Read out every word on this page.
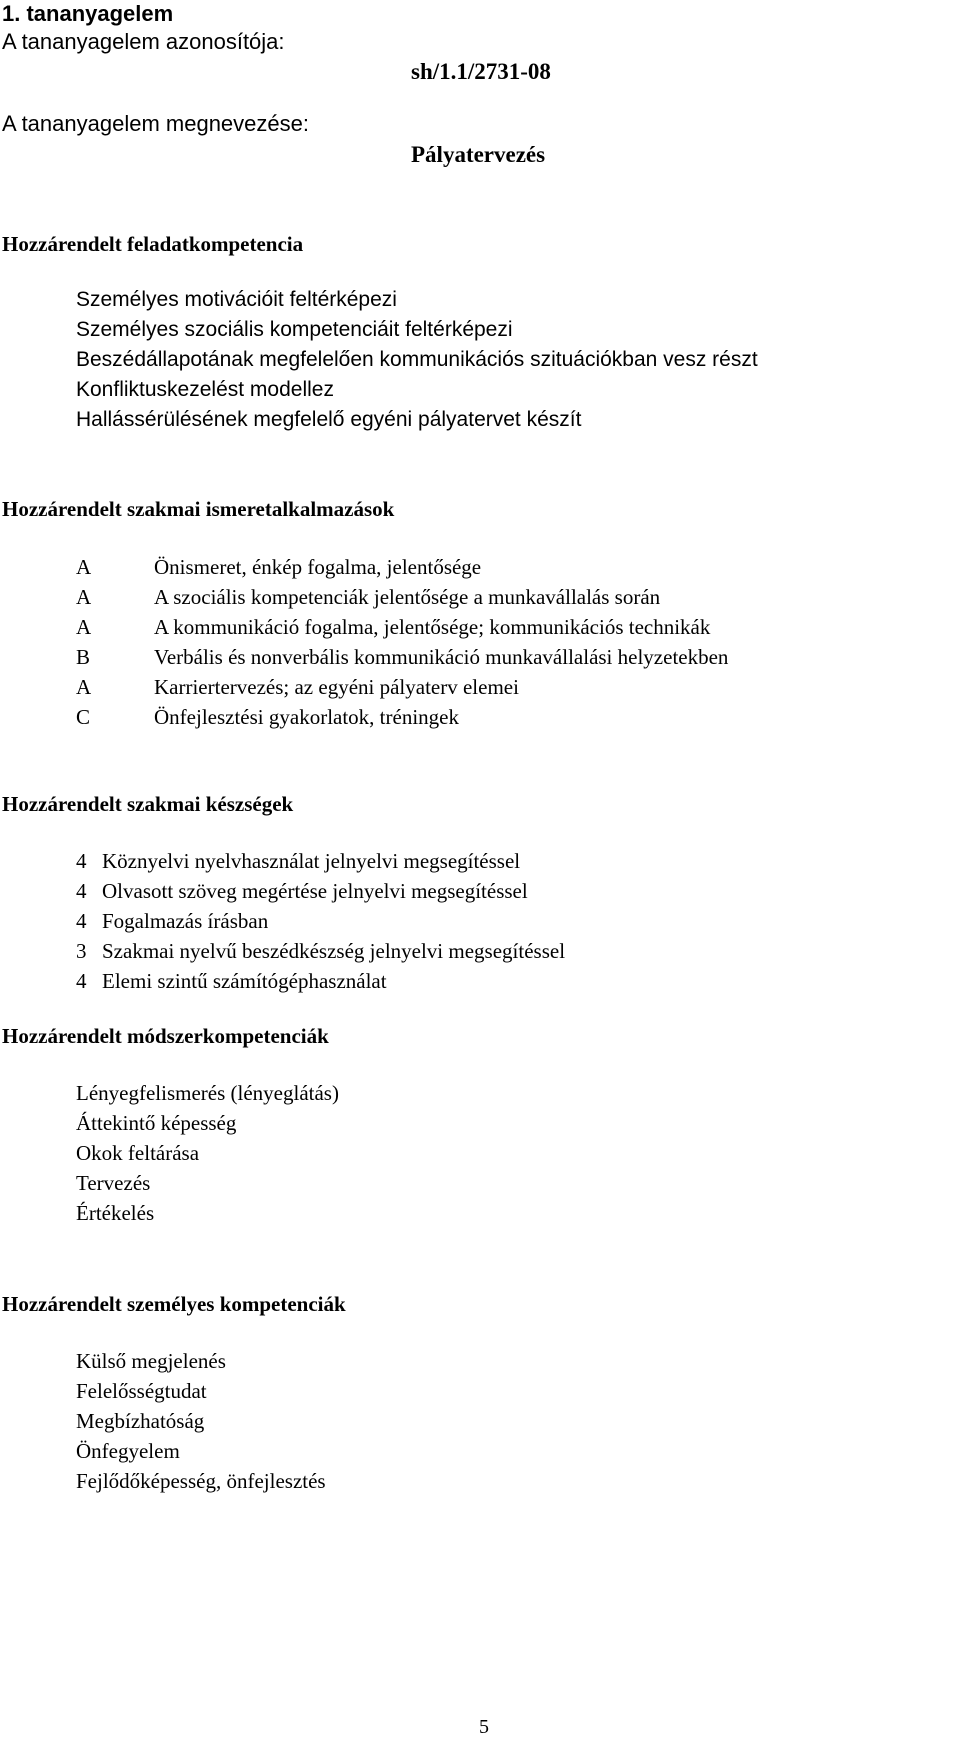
1. tananyagelem
A tananyagelem azonosítója:
sh/1.1/2731-08
A tananyagelem megnevezése:
Pályatervezés
Hozzárendelt feladatkompetencia
Személyes motivációit feltérképezi
Személyes szociális kompetenciáit feltérképezi
Beszédállapotának megfelelően kommunikációs szituációkban vesz részt
Konfliktuskezelést modellez
Hallássérülésének megfelelő egyéni pályatervet készít
Hozzárendelt szakmai ismeretalkalmazások
A	Önismeret, énkép fogalma, jelentősége
A	A szociális kompetenciák jelentősége a munkavállalás során
A	A kommunikáció fogalma, jelentősége; kommunikációs technikák
B	Verbális és nonverbális kommunikáció munkavállalási helyzetekben
A	Karriertervezés; az egyéni pályaterv elemei
C	Önfejlesztési gyakorlatok, tréningek
Hozzárendelt szakmai készségek
4 Köznyelvi nyelvhasználat jelnyelvi megsegítéssel
4 Olvasott szöveg megértése jelnyelvi megsegítéssel
4 Fogalmazás írásban
3 Szakmai nyelvű beszédkészség jelnyelvi megsegítéssel
4 Elemi szintű számítógéphasználat
Hozzárendelt módszerkompetenciák
Lényegfelismerés (lényeglátás)
Áttekintő képesség
Okok feltárása
Tervezés
Értékelés
Hozzárendelt személyes kompetenciák
Külső megjelenés
Felelősségtudat
Megbízhatóság
Önfegyelem
Fejlődőképesség, önfejlesztés
5
